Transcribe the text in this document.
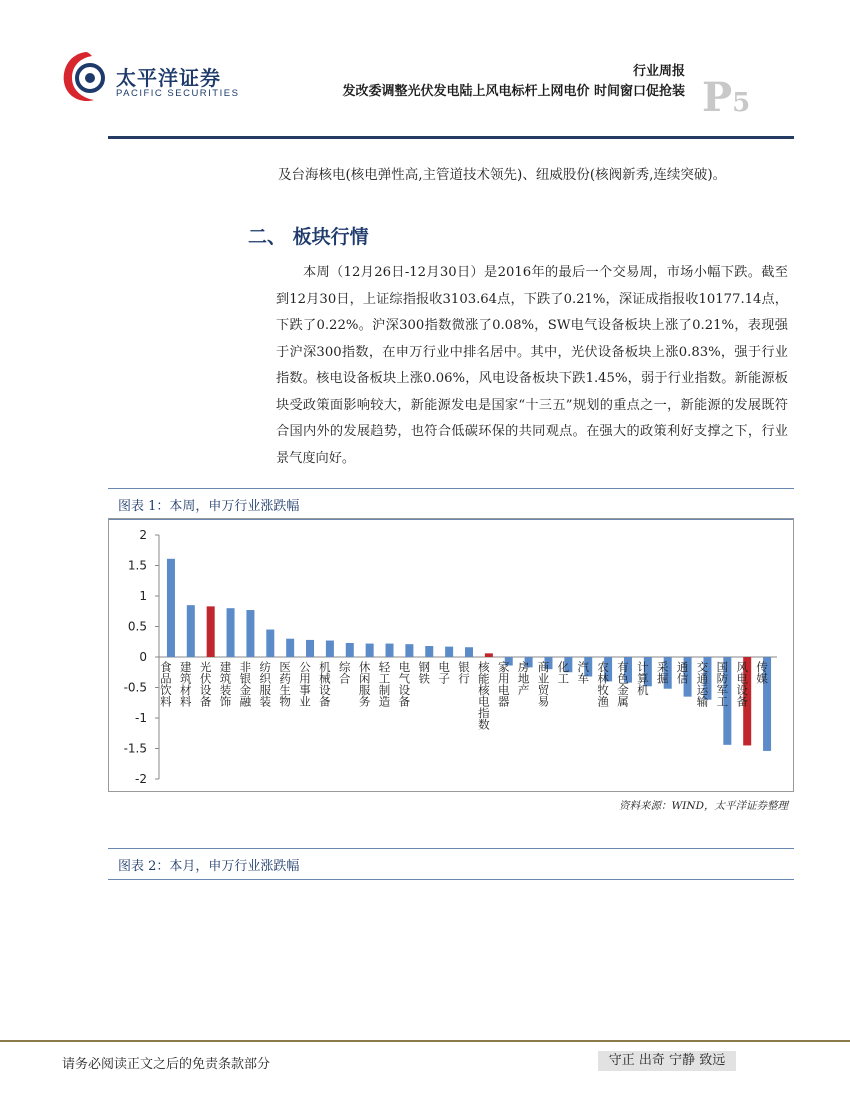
太平洋证券
PACIFIC SECURITIES
行业周报
发改委调整光伏发电陆上风电标杆上网电价 时间窗口促抢装 P5
及台海核电(核电弹性高,主管道技术领先)、纽威股份(核阀新秀,连续突破)。
二、 板块行情
本周（12月26日-12月30日）是2016年的最后一个交易周，市场小幅下跌。截至到12月30日，上证综指报收3103.64点，下跌了0.21%，深证成指报收10177.14点，下跌了0.22%。沪深300指数微涨了0.08%，SW电气设备板块上涨了0.21%，表现强于沪深300指数，在申万行业中排名居中。其中，光伏设备板块上涨0.83%，强于行业指数。核电设备板块上涨0.06%，风电设备板块下跌1.45%，弱于行业指数。新能源板块受政策面影响较大，新能源发电是国家“十三五”规划的重点之一，新能源的发展既符合国内外的发展趋势，也符合低碳环保的共同观点。在强大的政策利好支撑之下，行业景气度向好。
图表 1：本周，申万行业涨跌幅
2
1.5
1
0.5
0
-0.5
-1
-1.5
-2
食品饮料 建筑材料 光伏设备 建筑装饰 非银金融 纺织服装 医药生物 公用事业 机械设备 综合 休闲服务 轻工制造 电气设备 钢铁 电子 银行 核能核电指数 家用电器 房地产 商业贸易 化工 汽车 农林牧渔 有色金属 计算机 采掘 通信 交通运输 国防军工 风电设备 传媒
资料来源：WIND，太平洋证券整理
图表 2：本月，申万行业涨跌幅
请务必阅读正文之后的免责条款部分	守正 出奇 宁静 致远
